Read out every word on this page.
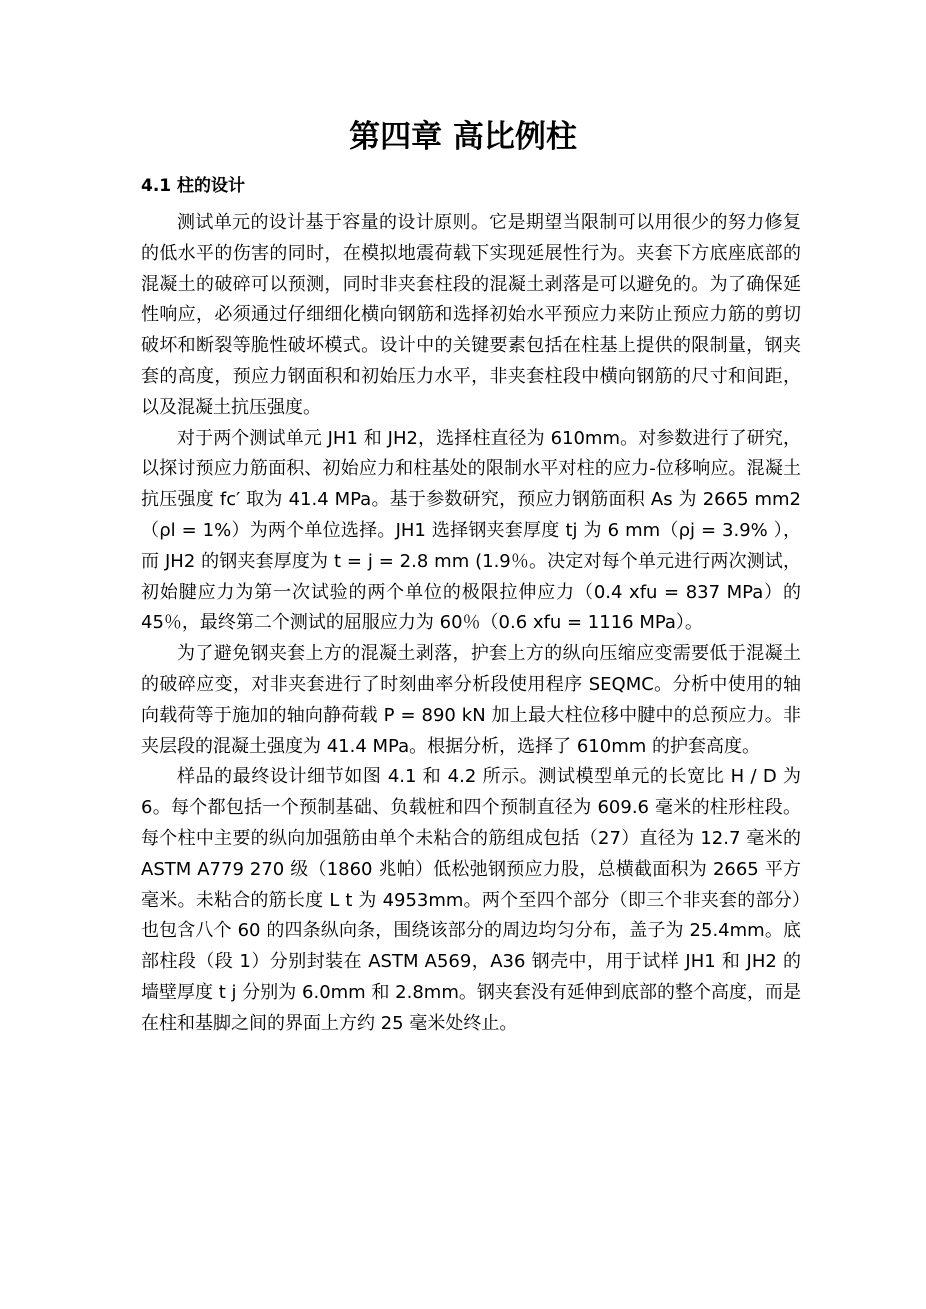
第四章 高比例柱
4.1 柱的设计

测试单元的设计基于容量的设计原则。它是期望当限制可以用很少的努力修复的低水平的伤害的同时，在模拟地震荷载下实现延展性行为。夹套下方底座底部的混凝土的破碎可以预测，同时非夹套柱段的混凝土剥落是可以避免的。为了确保延性响应，必须通过仔细细化横向钢筋和选择初始水平预应力来防止预应力筋的剪切破坏和断裂等脆性破坏模式。设计中的关键要素包括在柱基上提供的限制量，钢夹套的高度，预应力钢面积和初始压力水平，非夹套柱段中横向钢筋的尺寸和间距，以及混凝土抗压强度。

对于两个测试单元 JH1 和 JH2，选择柱直径为 610mm。对参数进行了研究，以探讨预应力筋面积、初始应力和柱基处的限制水平对柱的应力-位移响应。混凝土抗压强度 fc′ 取为 41.4 MPa。基于参数研究，预应力钢筋面积 As 为 2665 mm2 （ρl = 1%）为两个单位选择。JH1 选择钢夹套厚度 tj 为 6 mm（ρj = 3.9% ），而 JH2 的钢夹套厚度为 t = j = 2.8 mm (1.9％。决定对每个单元进行两次测试，初始腱应力为第一次试验的两个单位的极限拉伸应力（0.4 xfu = 837 MPa）的 45％，最终第二个测试的屈服应力为 60％（0.6 xfu = 1116 MPa）。

为了避免钢夹套上方的混凝土剥落，护套上方的纵向压缩应变需要低于混凝土的破碎应变，对非夹套进行了时刻曲率分析段使用程序 SEQMC。分析中使用的轴向载荷等于施加的轴向静荷载 P = 890 kN 加上最大柱位移中腱中的总预应力。非夹层段的混凝土强度为 41.4 MPa。根据分析，选择了 610mm 的护套高度。

样品的最终设计细节如图 4.1 和 4.2 所示。测试模型单元的长宽比 H / D 为 6。每个都包括一个预制基础、负载桩和四个预制直径为 609.6 毫米的柱形柱段。每个柱中主要的纵向加强筋由单个未粘合的筋组成包括（27）直径为 12.7 毫米的 ASTM A779 270 级（1860 兆帕）低松弛钢预应力股，总横截面积为 2665 平方毫米。未粘合的筋长度 L t 为 4953mm。两个至四个部分（即三个非夹套的部分）也包含八个 60 的四条纵向条，围绕该部分的周边均匀分布，盖子为 25.4mm。底部柱段（段 1）分别封装在 ASTM A569，A36 钢壳中，用于试样 JH1 和 JH2 的墙壁厚度 t j 分别为 6.0mm 和 2.8mm。钢夹套没有延伸到底部的整个高度，而是在柱和基脚之间的界面上方约 25 毫米处终止。
